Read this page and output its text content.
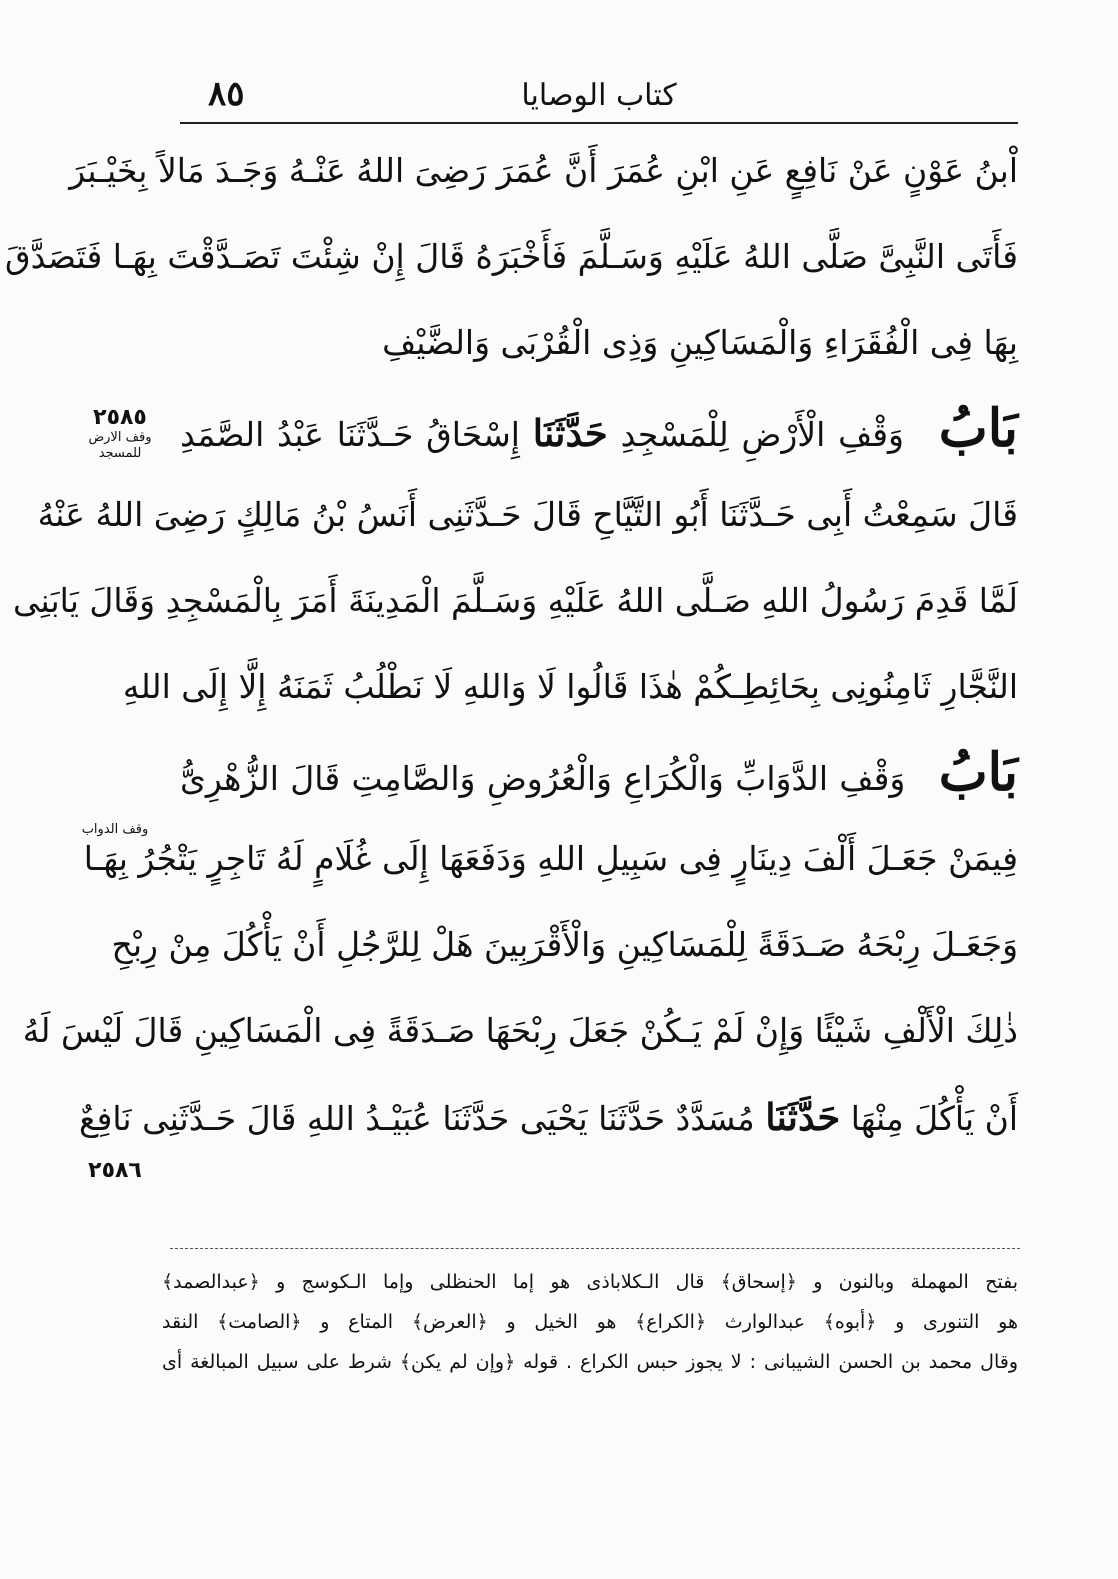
٨٥	كتاب الوصايا
اْبنُ عَوْنٍ عَنْ نَافِعٍ عَنِ ابْنِ عُمَرَ أَنَّ عُمَرَ رَضِىَ اللهُ عَنْـهُ وَجَـدَ مَالاً بِخَيْـبَرَ
فَأَتَى النَّبِىَّ صَلَّى اللهُ عَلَيْهِ وَسَـلَّمَ فَأَخْبَرَهُ قَالَ إِنْ شِئْتَ تَصَـدَّقْتَ بِهَـا فَتَصَدَّقَ
بِهَا فِى الْفُقَرَاءِ وَالْمَسَاكِينِ وَذِى الْقُرْبَى وَالضَّيْفِ
بَابُ وَقْفِ الْأَرْضِ لِلْمَسْجِدِ حَدَّثَنَا إِسْحَاقُ حَـدَّثَنَا عَبْدُ الصَّمَدِ
قَالَ سَمِعْتُ أَبِى حَـدَّثَنَا أَبُو التَّيَّاحِ قَالَ حَـدَّثَنِى أَنَسُ بْنُ مَالِكٍ رَضِىَ اللهُ عَنْهُ
لَمَّا قَدِمَ رَسُولُ اللهِ صَـلَّى اللهُ عَلَيْهِ وَسَـلَّمَ الْمَدِينَةَ أَمَرَ بِالْمَسْجِدِ وَقَالَ يَابَنِى
النَّجَّارِ ثَامِنُونِى بِحَائِطِـكُمْ هٰذَا قَالُوا لَا وَاللهِ لَا نَطْلُبُ ثَمَنَهُ إِلَّا إِلَى اللهِ
بَابُ وَقْفِ الدَّوَابِّ وَالْكُرَاعِ وَالْعُرُوضِ وَالصَّامِتِ قَالَ الزُّهْرِىُّ
فِيمَنْ جَعَـلَ أَلْفَ دِينَارٍ فِى سَبِيلِ اللهِ وَدَفَعَهَا إِلَى غُلَامٍ لَهُ تَاجِرٍ يَتْجُرُ بِهَـا
وَجَعَـلَ رِبْحَهُ صَـدَقَةً لِلْمَسَاكِينِ وَالْأَقْرَبِينَ هَلْ لِلرَّجُلِ أَنْ يَأْكُلَ مِنْ رِبْحِ
ذٰلِكَ الْأَلْفِ شَيْئًا وَإِنْ لَمْ يَـكُنْ جَعَلَ رِبْحَهَا صَـدَقَةً فِى الْمَسَاكِينِ قَالَ لَيْسَ لَهُ
أَنْ يَأْكُلَ مِنْهَا حَدَّثَنَا مُسَدَّدٌ حَدَّثَنَا يَحْيَى حَدَّثَنَا عُبَيْـدُ اللهِ قَالَ حَـدَّثَنِى نَافِعٌ
٢٥٨٥
وقف الارض
للمسجد
وقف الدواب
٢٥٨٦
بفتح المهملة وبالنون و ﴿إسحاق﴾ قال الـكلاباذى هو إما الحنظلى وإما الـكوسج و ﴿عبدالصمد﴾
هو التنورى و ﴿أبوه﴾ عبدالوارث ﴿الكراع﴾ هو الخيل و ﴿العرض﴾ المتاع و ﴿الصامت﴾ النقد
وقال محمد بن الحسن الشيبانى : لا يجوز حبس الكراع . قوله ﴿وإن لم يكن﴾ شرط على سبيل المبالغة أى
